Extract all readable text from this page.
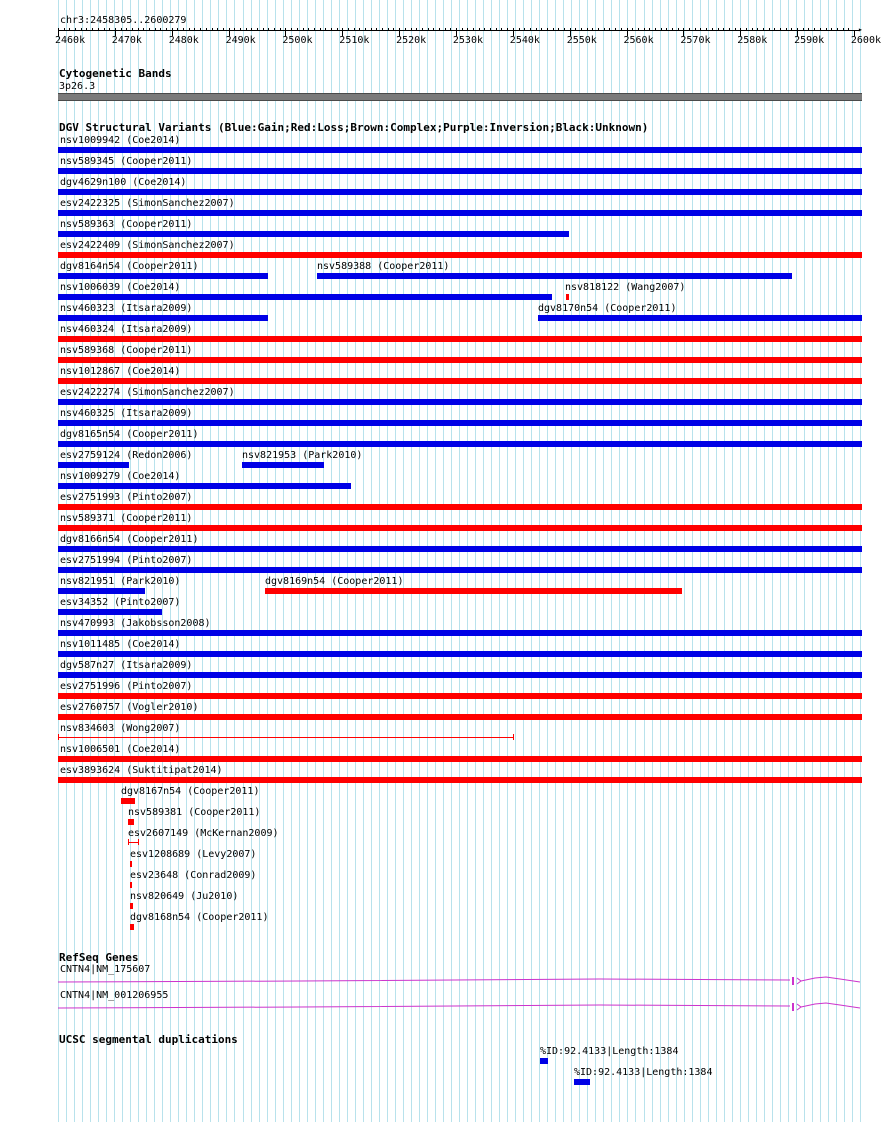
chr3:2458305..2600279
2460k	2470k	2480k	2490k	2500k	2510k	2520k	2530k	2540k	2550k	2560k	2570k	2580k	2590k	2600k
▸
Cytogenetic Bands
3p26.3
DGV Structural Variants (Blue:Gain;Red:Loss;Brown:Complex;Purple:Inversion;Black:Unknown)
nsv1009942 (Coe2014)
nsv589345 (Cooper2011)
dgv4629n100 (Coe2014)
esv2422325 (SimonSanchez2007)
nsv589363 (Cooper2011)
esv2422409 (SimonSanchez2007)
dgv8164n54 (Cooper2011)	nsv589388 (Cooper2011)
nsv1006039 (Coe2014)	nsv818122 (Wang2007)
nsv460323 (Itsara2009)	dgv8170n54 (Cooper2011)
nsv460324 (Itsara2009)
nsv589368 (Cooper2011)
nsv1012867 (Coe2014)
esv2422274 (SimonSanchez2007)
nsv460325 (Itsara2009)
dgv8165n54 (Cooper2011)
esv2759124 (Redon2006)	nsv821953 (Park2010)
nsv1009279 (Coe2014)
esv2751993 (Pinto2007)
nsv589371 (Cooper2011)
dgv8166n54 (Cooper2011)
esv2751994 (Pinto2007)
nsv821951 (Park2010)	dgv8169n54 (Cooper2011)
esv34352 (Pinto2007)
nsv470993 (Jakobsson2008)
nsv1011485 (Coe2014)
dgv587n27 (Itsara2009)
esv2751996 (Pinto2007)
esv2760757 (Vogler2010)
nsv834603 (Wong2007)
nsv1006501 (Coe2014)
esv3893624 (Suktitipat2014)
dgv8167n54 (Cooper2011)
nsv589381 (Cooper2011)
esv2607149 (McKernan2009)
esv1208689 (Levy2007)
esv23648 (Conrad2009)
nsv820649 (Ju2010)
dgv8168n54 (Cooper2011)
RefSeq Genes
CNTN4|NM_175607
CNTN4|NM_001206955
UCSC segmental duplications
%ID:92.4133|Length:1384
%ID:92.4133|Length:1384
